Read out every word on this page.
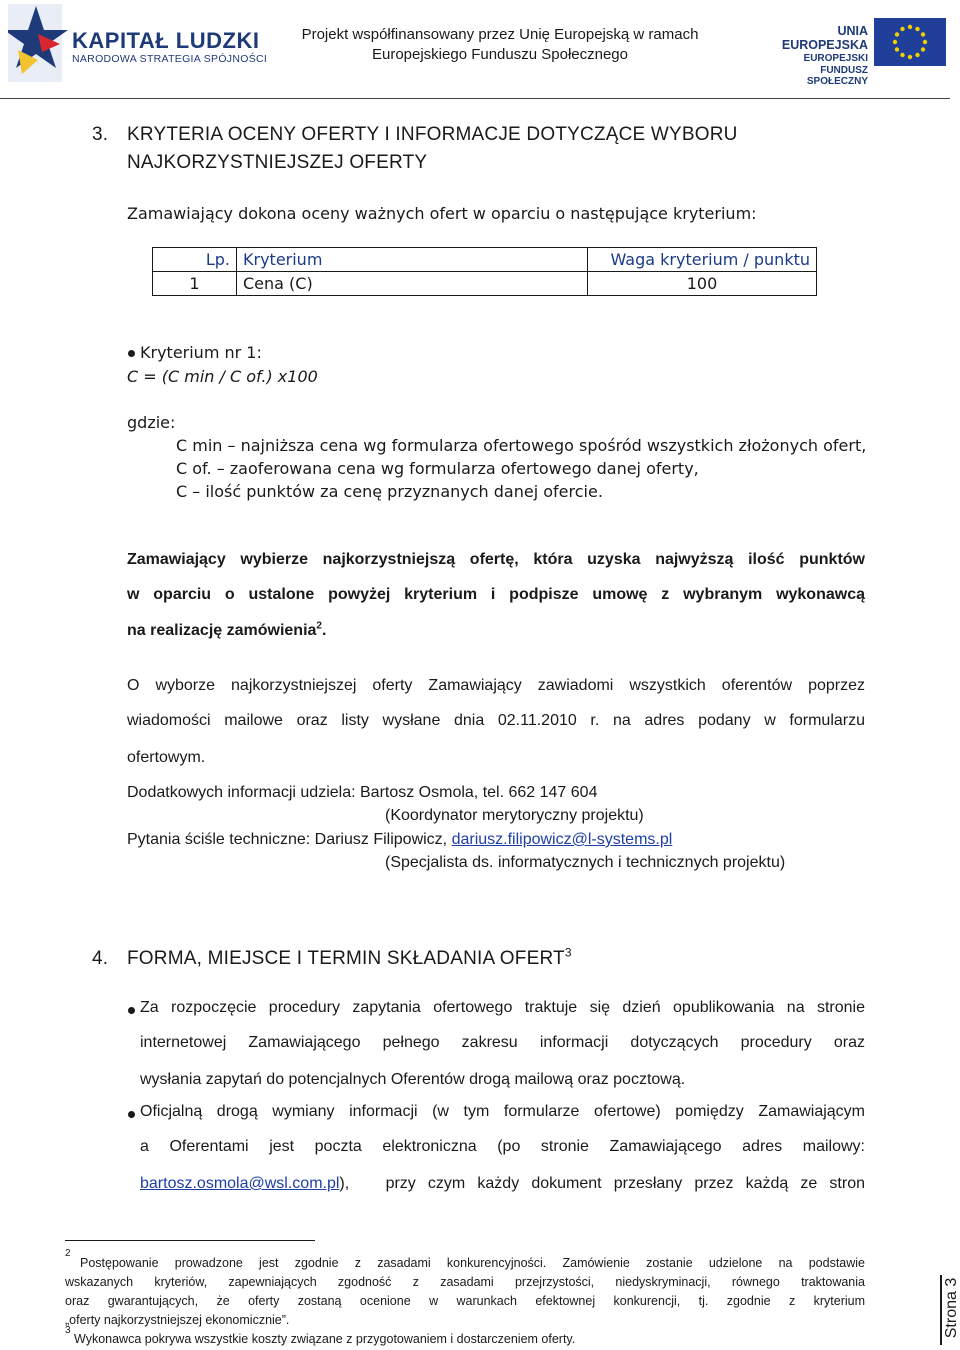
KAPITAŁ LUDZKI
NARODOWA STRATEGIA SPÓJNOŚCI
Projekt współfinansowany przez Unię Europejską w ramach
Europejskiego Funduszu Społecznego
UNIA EUROPEJSKA
EUROPEJSKI
FUNDUSZ SPOŁECZNY
3. KRYTERIA OCENY OFERTY I INFORMACJE DOTYCZĄCE WYBORU
NAJKORZYSTNIEJSZEJ OFERTY
Zamawiający dokona oceny ważnych ofert w oparciu o następujące kryterium:
Lp.	Kryterium	Waga kryterium / punktu
1	Cena (C)	100
Kryterium nr 1:
C = (C min / C of.) x100
gdzie:
C min – najniższa cena wg formularza ofertowego spośród wszystkich złożonych ofert,
C of. – zaoferowana cena wg formularza ofertowego danej oferty,
C – ilość punktów za cenę przyznanych danej ofercie.
Zamawiający wybierze najkorzystniejszą ofertę, która uzyska najwyższą ilość punktów
w oparciu o ustalone powyżej kryterium i podpisze umowę z wybranym wykonawcą
na realizację zamówienia$^2$.
O wyborze najkorzystniejszej oferty Zamawiający zawiadomi wszystkich oferentów poprzez
wiadomości mailowe oraz listy wysłane dnia 02.11.2010 r. na adres podany w formularzu
ofertowym.
Dodatkowych informacji udziela: Bartosz Osmola, tel. 662 147 604
(Koordynator merytoryczny projektu)
Pytania ściśle techniczne: Dariusz Filipowicz, dariusz.filipowicz@l-systems.pl
(Specjalista ds. informatycznych i technicznych projektu)
4. FORMA, MIEJSCE I TERMIN SKŁADANIA OFERT$^3$
Za rozpoczęcie procedury zapytania ofertowego traktuje się dzień opublikowania na stronie
internetowej Zamawiającego pełnego zakresu informacji dotyczących procedury oraz
wysłania zapytań do potencjalnych Oferentów drogą mailową oraz pocztową.
Oficjalną drogą wymiany informacji (w tym formularze ofertowe) pomiędzy Zamawiającym
a Oferentami jest poczta elektroniczna (po stronie Zamawiającego adres mailowy:
bartosz.osmola@wsl.com.pl ),   przy czym każdy dokument przesłany przez każdą ze stron
$^2$
Postępowanie prowadzone jest zgodnie z zasadami konkurencyjności. Zamówienie zostanie udzielone na podstawie
wskazanych kryteriów, zapewniających zgodność z zasadami przejrzystości, niedyskryminacji, równego traktowania
oraz gwarantujących, że oferty zostaną ocenione w warunkach efektownej konkurencji, tj. zgodnie z kryterium
„oferty najkorzystniejszej ekonomicznie”.
$^3$
Wykonawca pokrywa wszystkie koszty związane z przygotowaniem i dostarczeniem oferty.
Strona 3
